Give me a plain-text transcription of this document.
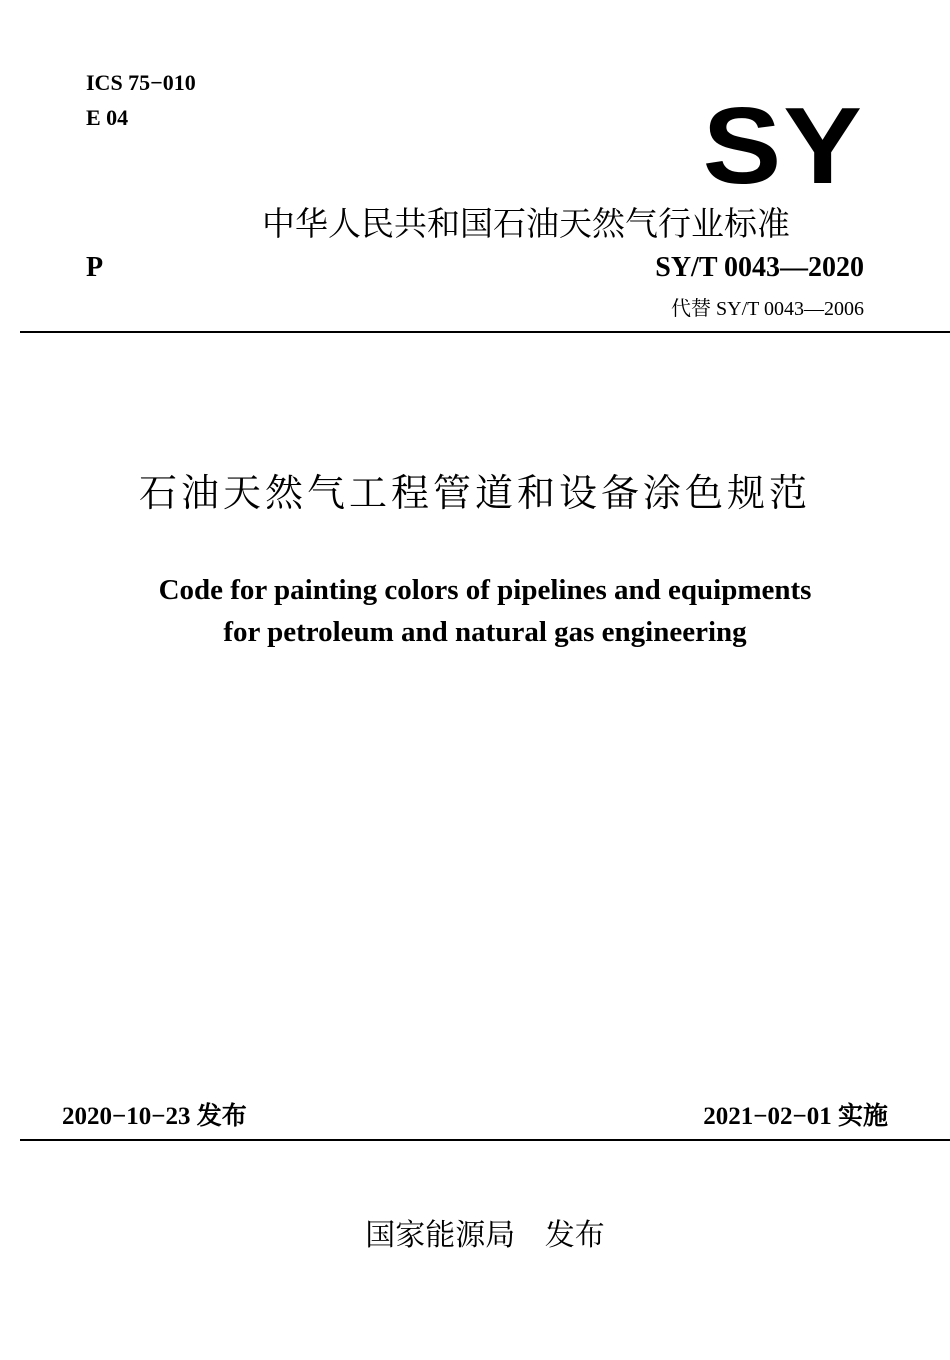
ICS 75−010
E 04	SY
中华人民共和国石油天然气行业标准
P	SY/T 0043—2020
代替 SY/T 0043—2006
石油天然气工程管道和设备涂色规范
Code for painting colors of pipelines and equipments
for petroleum and natural gas engineering
2020−10−23 发布	2021−02−01 实施
国家能源局 发布
